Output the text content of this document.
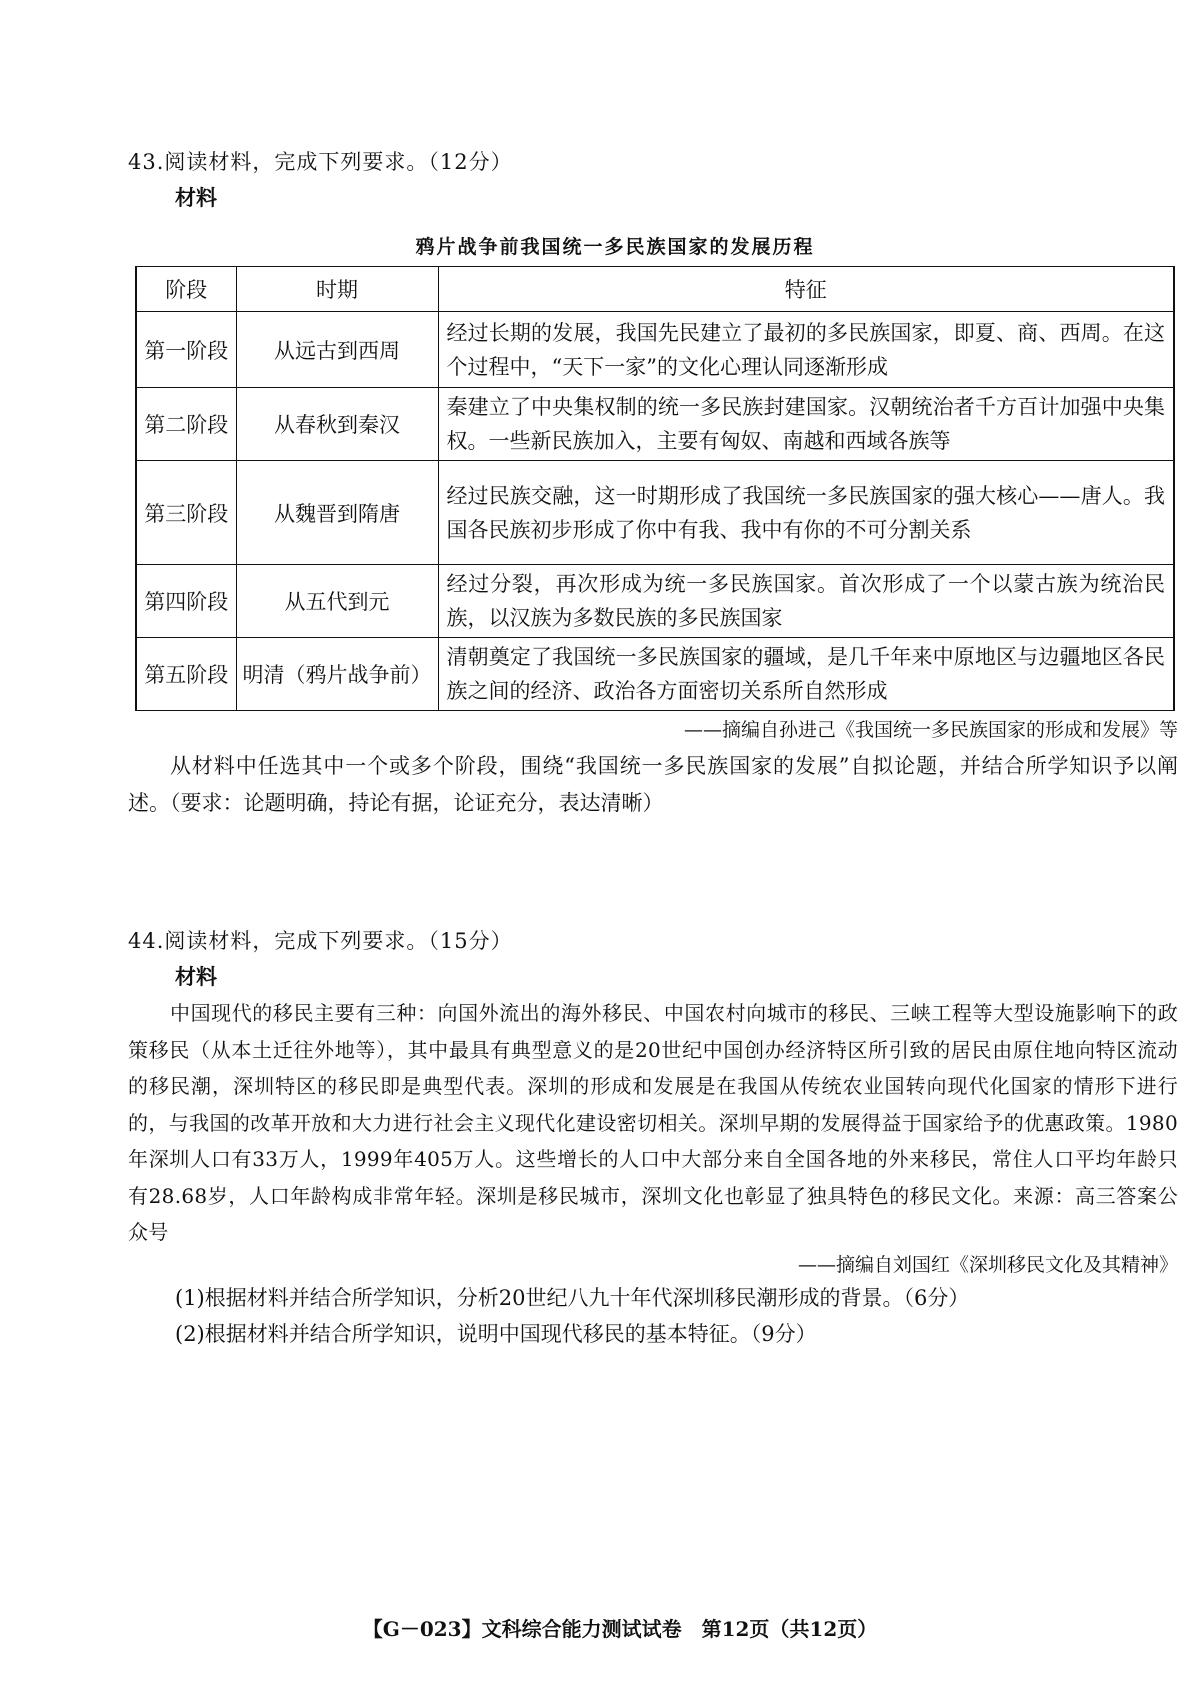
43.阅读材料，完成下列要求。（12分）
材料
鸦片战争前我国统一多民族国家的发展历程
阶段	时期	特征
第一阶段	从远古到西周	经过长期的发展，我国先民建立了最初的多民族国家，即夏、商、西周。在这个过程中，“天下一家”的文化心理认同逐渐形成
第二阶段	从春秋到秦汉	秦建立了中央集权制的统一多民族封建国家。汉朝统治者千方百计加强中央集权。一些新民族加入，主要有匈奴、南越和西域各族等
第三阶段	从魏晋到隋唐	经过民族交融，这一时期形成了我国统一多民族国家的强大核心——唐人。我国各民族初步形成了你中有我、我中有你的不可分割关系
第四阶段	从五代到元	经过分裂，再次形成为统一多民族国家。首次形成了一个以蒙古族为统治民族，以汉族为多数民族的多民族国家
第五阶段	明清（鸦片战争前）	清朝奠定了我国统一多民族国家的疆域，是几千年来中原地区与边疆地区各民族之间的经济、政治各方面密切关系所自然形成
——摘编自孙进己《我国统一多民族国家的形成和发展》等
从材料中任选其中一个或多个阶段，围绕“我国统一多民族国家的发展”自拟论题，并结合所学知识予以阐述。（要求：论题明确，持论有据，论证充分，表达清晰）
44.阅读材料，完成下列要求。（15分）
材料
中国现代的移民主要有三种：向国外流出的海外移民、中国农村向城市的移民、三峡工程等大型设施影响下的政策移民（从本土迁往外地等），其中最具有典型意义的是20世纪中国创办经济特区所引致的居民由原住地向特区流动的移民潮，深圳特区的移民即是典型代表。深圳的形成和发展是在我国从传统农业国转向现代化国家的情形下进行的，与我国的改革开放和大力进行社会主义现代化建设密切相关。深圳早期的发展得益于国家给予的优惠政策。1980年深圳人口有33万人，1999年405万人。这些增长的人口中大部分来自全国各地的外来移民，常住人口平均年龄只有28.68岁，人口年龄构成非常年轻。深圳是移民城市，深圳文化也彰显了独具特色的移民文化。来源：高三答案公众号
——摘编自刘国红《深圳移民文化及其精神》
(1)根据材料并结合所学知识，分析20世纪八九十年代深圳移民潮形成的背景。（6分）
(2)根据材料并结合所学知识，说明中国现代移民的基本特征。（9分）
【G－023】文科综合能力测试试卷　第12页（共12页）
